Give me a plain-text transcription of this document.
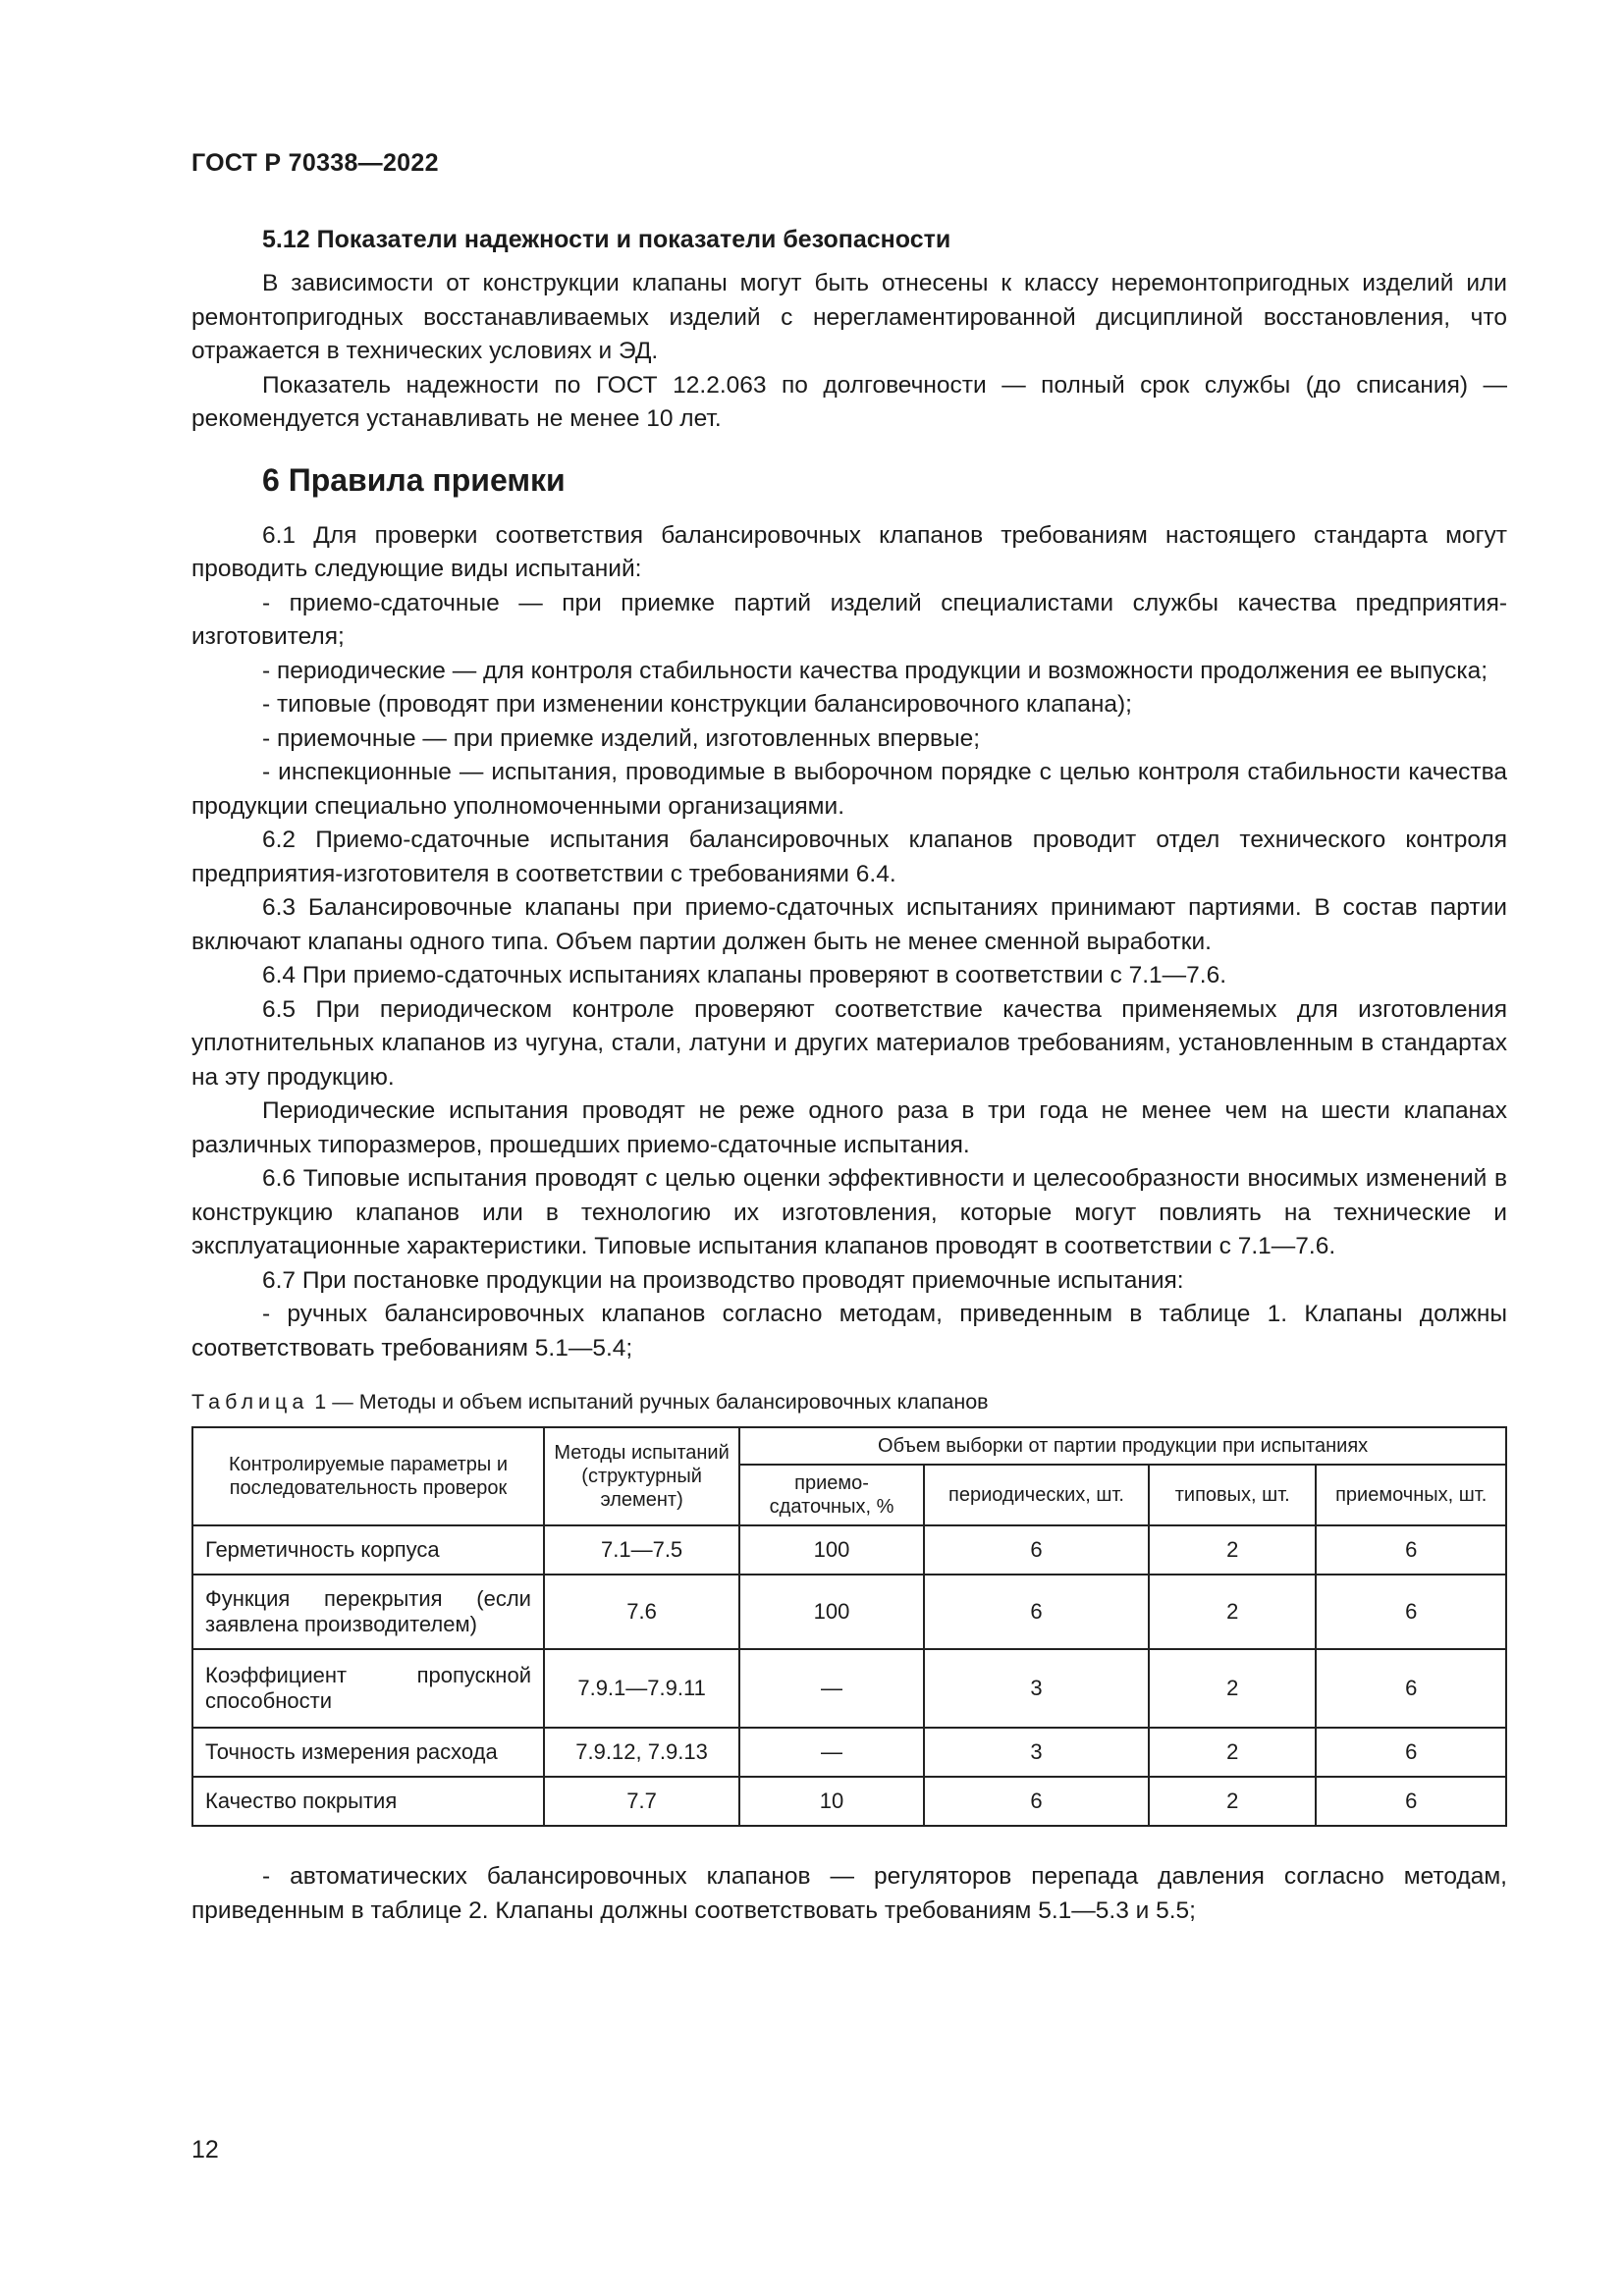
ГОСТ Р 70338—2022
5.12 Показатели надежности и показатели безопасности

В зависимости от конструкции клапаны могут быть отнесены к классу неремонтопригодных изделий или ремонтопригодных восстанавливаемых изделий с нерегламентированной дисциплиной восстановления, что отражается в технических условиях и ЭД.

Показатель надежности по ГОСТ 12.2.063 по долговечности — полный срок службы (до списания) — рекомендуется устанавливать не менее 10 лет.

6 Правила приемки

6.1 Для проверки соответствия балансировочных клапанов требованиям настоящего стандарта могут проводить следующие виды испытаний:

- приемо-сдаточные — при приемке партий изделий специалистами службы качества предприятия-изготовителя;

- периодические — для контроля стабильности качества продукции и возможности продолжения ее выпуска;

- типовые (проводят при изменении конструкции балансировочного клапана);

- приемочные — при приемке изделий, изготовленных впервые;

- инспекционные — испытания, проводимые в выборочном порядке с целью контроля стабильности качества продукции специально уполномоченными организациями.

6.2 Приемо-сдаточные испытания балансировочных клапанов проводит отдел технического контроля предприятия-изготовителя в соответствии с требованиями 6.4.

6.3 Балансировочные клапаны при приемо-сдаточных испытаниях принимают партиями. В состав партии включают клапаны одного типа. Объем партии должен быть не менее сменной выработки.

6.4 При приемо-сдаточных испытаниях клапаны проверяют в соответствии с 7.1—7.6.

6.5 При периодическом контроле проверяют соответствие качества применяемых для изготовления уплотнительных клапанов из чугуна, стали, латуни и других материалов требованиям, установленным в стандартах на эту продукцию.

Периодические испытания проводят не реже одного раза в три года не менее чем на шести клапанах различных типоразмеров, прошедших приемо-сдаточные испытания.

6.6 Типовые испытания проводят с целью оценки эффективности и целесообразности вносимых изменений в конструкцию клапанов или в технологию их изготовления, которые могут повлиять на технические и эксплуатационные характеристики. Типовые испытания клапанов проводят в соответствии с 7.1—7.6.

6.7 При постановке продукции на производство проводят приемочные испытания:

- ручных балансировочных клапанов согласно методам, приведенным в таблице 1. Клапаны должны соответствовать требованиям 5.1—5.4;

Таблица 1 — Методы и объем испытаний ручных балансировочных клапанов
Контролируемые параметры и последовательность проверок	Методы испытаний (структурный элемент)	Объем выборки от партии продукции при испытаниях			
		приемо-сдаточных, %	периодических, шт.	типовых, шт.	приемочных, шт.
Герметичность корпуса	7.1—7.5	100	6	2	6
Функция перекрытия (если заявлена производителем)	7.6	100	6	2	6
Коэффициент пропускной способности	7.9.1—7.9.11	—	3	2	6
Точность измерения расхода	7.9.12, 7.9.13	—	3	2	6
Качество покрытия	7.7	10	6	2	6

- автоматических балансировочных клапанов — регуляторов перепада давления согласно методам, приведенным в таблице 2. Клапаны должны соответствовать требованиям 5.1—5.3 и 5.5;

12
